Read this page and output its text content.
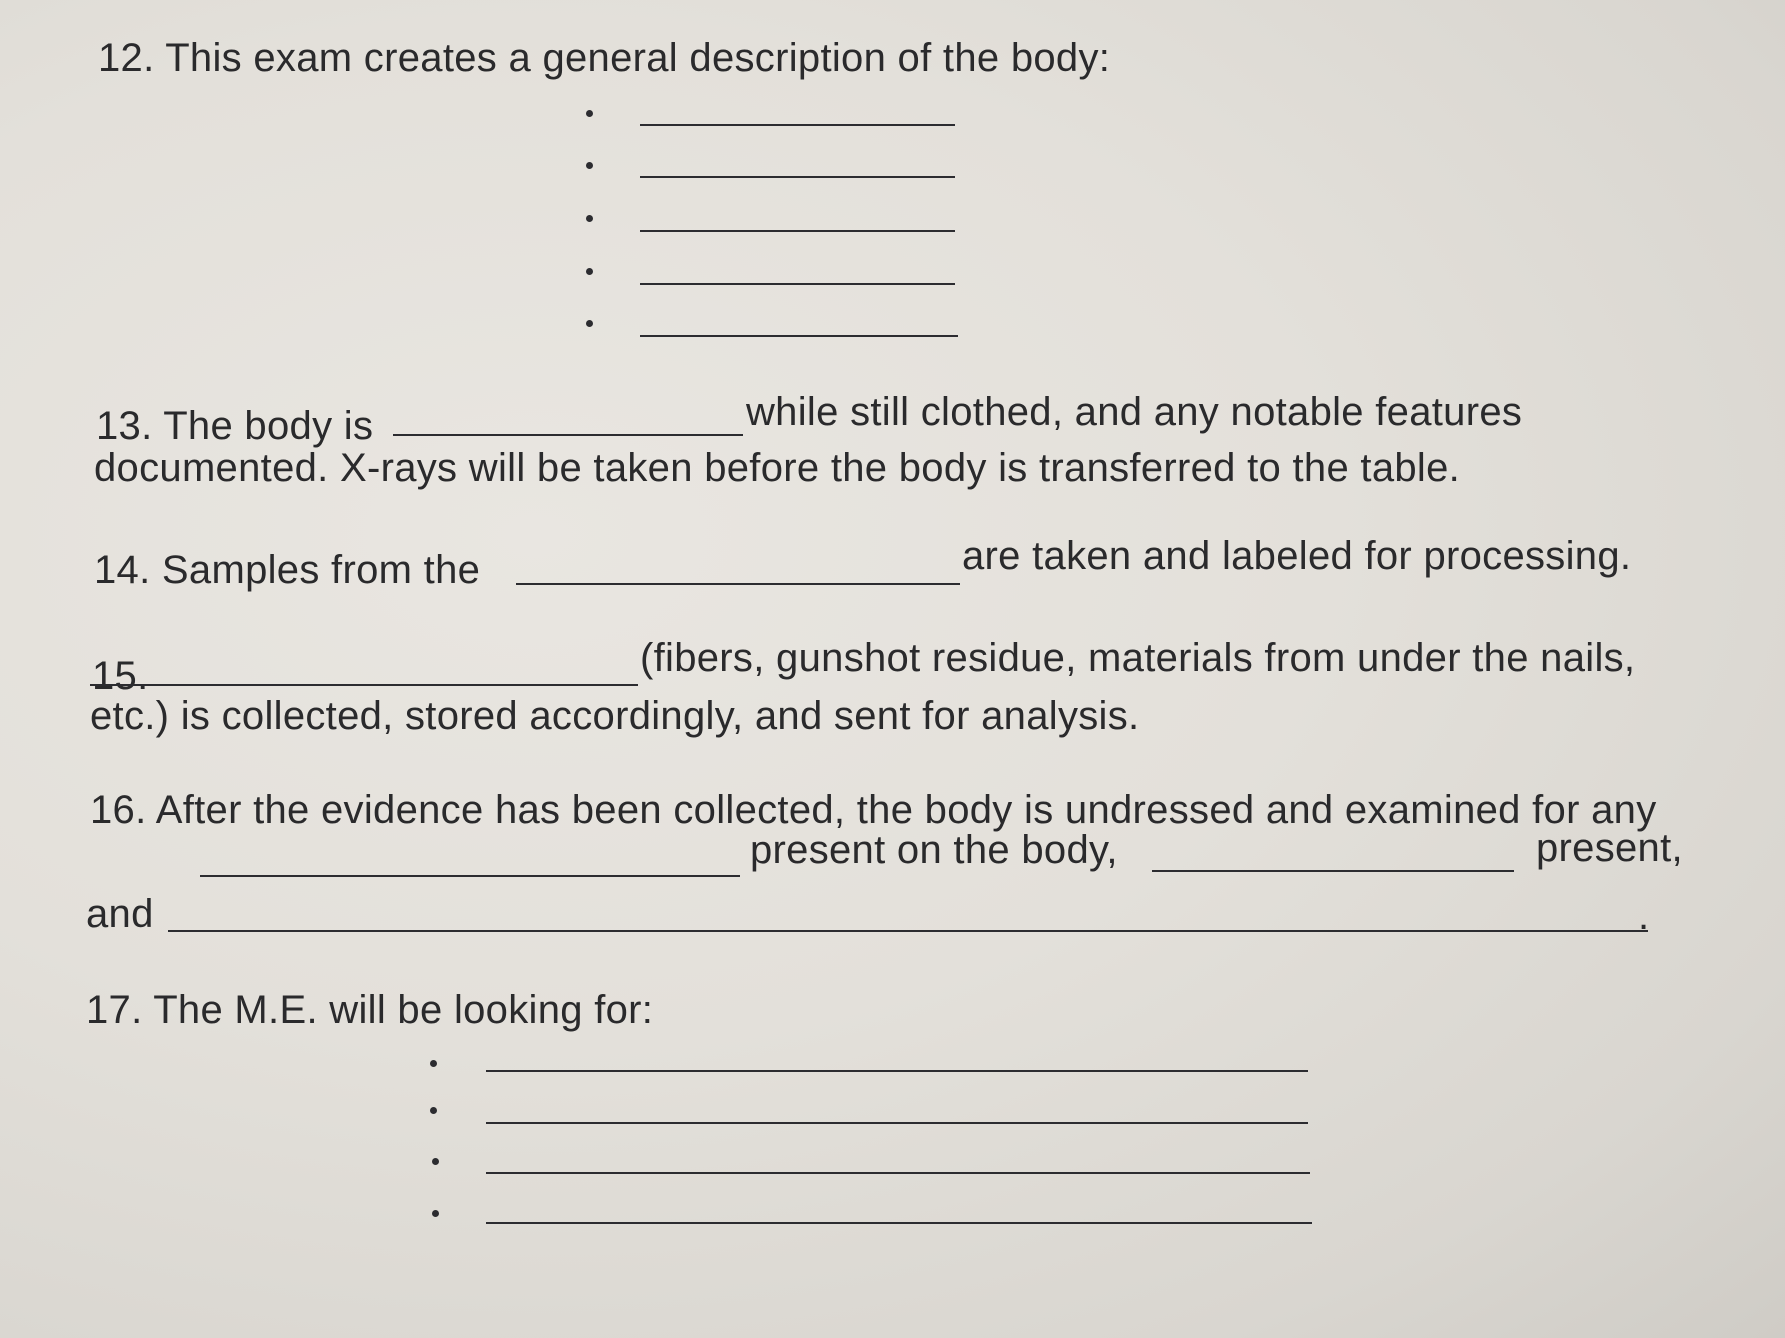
12. This exam creates a general description of the body:
13. The body is	while still clothed, and any notable features
documented. X-rays will be taken before the body is transferred to the table.
14. Samples from the	are taken and labeled for processing.
15.	(fibers, gunshot residue, materials from under the nails,
etc.) is collected, stored accordingly, and sent for analysis.
16. After the evidence has been collected, the body is undressed and examined for any
present on the body,	present,
and	.
17. The M.E. will be looking for:
